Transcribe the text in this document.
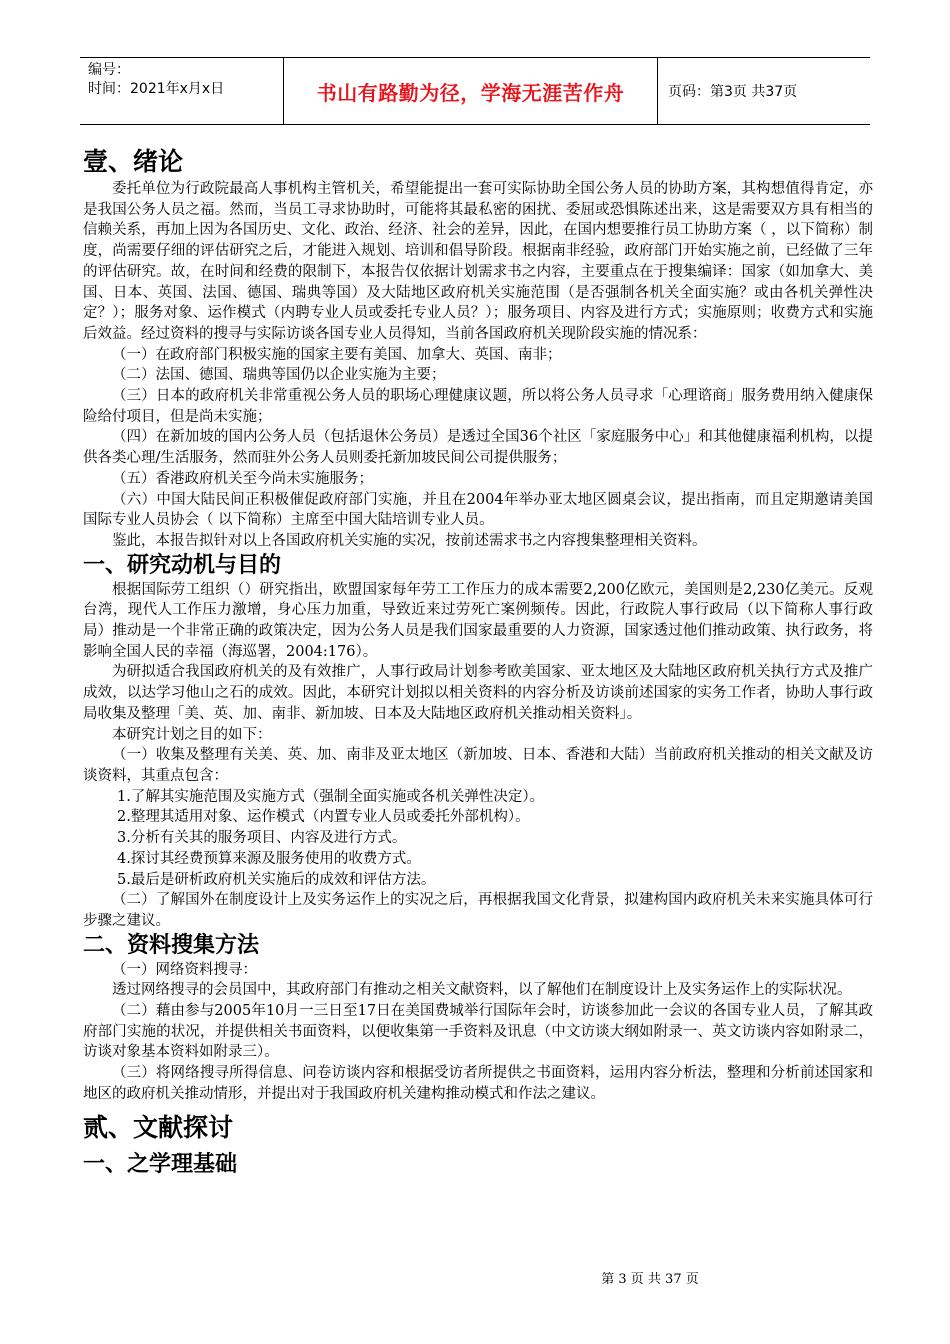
编号：
时间：2021年x月x日	书山有路勤为径，学海无涯苦作舟	页码：第3页 共37页
壹、绪论

委托单位为行政院最高人事机构主管机关，希望能提出一套可实际协助全国公务人员的协助方案，其构想值得肯定，亦是我国公务人员之福。然而，当员工寻求协助时，可能将其最私密的困扰、委屈或恐惧陈述出来，这是需要双方具有相当的信赖关系，再加上因为各国历史、文化、政治、经济、社会的差异，因此，在国内想要推行员工协助方案（ ，以下简称）制度，尚需要仔细的评估研究之后，才能进入规划、培训和倡导阶段。根据南非经验，政府部门开始实施之前，已经做了三年的评估研究。故，在时间和经费的限制下，本报告仅依据计划需求书之内容，主要重点在于搜集编译：国家（如加拿大、美国、日本、英国、法国、德国、瑞典等国）及大陆地区政府机关实施范围（是否强制各机关全面实施？或由各机关弹性决定？）；服务对象、运作模式（内聘专业人员或委托专业人员？）；服务项目、内容及进行方式；实施原则；收费方式和实施后效益。经过资料的搜寻与实际访谈各国专业人员得知，当前各国政府机关现阶段实施的情况系：

（一）在政府部门积极实施的国家主要有美国、加拿大、英国、南非；

（二）法国、德国、瑞典等国仍以企业实施为主要；

（三）日本的政府机关非常重视公务人员的职场心理健康议题，所以将公务人员寻求「心理谘商」服务费用纳入健康保险给付项目，但是尚未实施；

（四）在新加坡的国内公务人员（包括退休公务员）是透过全国36个社区「家庭服务中心」和其他健康福利机构，以提供各类心理/生活服务，然而驻外公务人员则委托新加坡民间公司提供服务；

（五）香港政府机关至今尚未实施服务；

（六）中国大陆民间正积极催促政府部门实施，并且在2004年举办亚太地区圆桌会议，提出指南，而且定期邀请美国国际专业人员协会（ 以下简称）主席至中国大陆培训专业人员。

鉴此，本报告拟针对以上各国政府机关实施的实况，按前述需求书之内容搜集整理相关资料。

一、研究动机与目的

根据国际劳工组织（）研究指出，欧盟国家每年劳工工作压力的成本需要2,200亿欧元，美国则是2,230亿美元。反观台湾，现代人工作压力激增，身心压力加重，导致近来过劳死亡案例频传。因此，行政院人事行政局（以下简称人事行政局）推动是一个非常正确的政策决定，因为公务人员是我们国家最重要的人力资源，国家透过他们推动政策、执行政务，将影响全国人民的幸福（海巡署，2004:176）。

为研拟适合我国政府机关的及有效推广，人事行政局计划参考欧美国家、亚太地区及大陆地区政府机关执行方式及推广成效，以达学习他山之石的成效。因此，本研究计划拟以相关资料的内容分析及访谈前述国家的实务工作者，协助人事行政局收集及整理「美、英、加、南非、新加坡、日本及大陆地区政府机关推动相关资料」。

本研究计划之目的如下：

（一）收集及整理有关美、英、加、南非及亚太地区（新加坡、日本、香港和大陆）当前政府机关推动的相关文献及访谈资料，其重点包含：

1.了解其实施范围及实施方式（强制全面实施或各机关弹性决定）。

2.整理其适用对象、运作模式（内置专业人员或委托外部机构）。

3.分析有关其的服务项目、内容及进行方式。

4.探讨其经费预算来源及服务使用的收费方式。

5.最后是研析政府机关实施后的成效和评估方法。

（二）了解国外在制度设计上及实务运作上的实况之后，再根据我国文化背景，拟建构国内政府机关未来实施具体可行步骤之建议。

二、资料搜集方法

（一）网络资料搜寻：

透过网络搜寻的会员国中，其政府部门有推动之相关文献资料，以了解他们在制度设计上及实务运作上的实际状况。

（二）藉由参与2005年10月一三日至17日在美国费城举行国际年会时，访谈参加此一会议的各国专业人员，了解其政府部门实施的状况，并提供相关书面资料，以便收集第一手资料及讯息（中文访谈大纲如附录一、英文访谈内容如附录二，访谈对象基本资料如附录三）。

（三）将网络搜寻所得信息、问卷访谈内容和根据受访者所提供之书面资料，运用内容分析法，整理和分析前述国家和地区的政府机关推动情形，并提出对于我国政府机关建构推动模式和作法之建议。

贰、文献探讨
一、之学理基础
第 3 页 共 37 页
